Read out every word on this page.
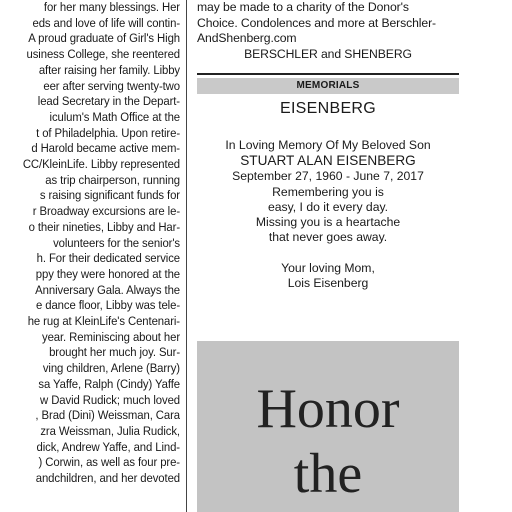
for her many blessings. Her

eds and love of life will contin-

A proud graduate of Girl's High

usiness College, she reentered

after raising her family. Libby

eer after serving twenty-two

lead Secretary in the Depart-

iculum's Math Office at the

t of Philadelphia. Upon retire-

d Harold became active mem-

CC/KleinLife. Libby represented

as trip chairperson, running

s raising significant funds for

r Broadway excursions are le-

o their nineties, Libby and Har-

volunteers for the senior's

h. For their dedicated service

ppy they were honored at the

Anniversary Gala. Always the

e dance floor, Libby was tele-

he rug at KleinLife's Centenari-

year. Reminiscing about her

brought her much joy. Sur-

ving children, Arlene (Barry)

sa Yaffe, Ralph (Cindy) Yaffe

w David Rudick; much loved

, Brad (Dini) Weissman, Cara

zra Weissman, Julia Rudick,

dick, Andrew Yaffe, and Lind-

) Corwin, as well as four pre-

andchildren, and her devoted

may be made to a charity of the Donor's

Choice. Condolences and more at Berschler-

AndShenberg.com

BERSCHLER and SHENBERG

MEMORIALS
EISENBERG

In Loving Memory Of My Beloved Son

STUART ALAN EISENBERG

September 27, 1960 - June 7, 2017

Remembering you is

easy, I do it every day.

Missing you is a heartache

that never goes away.

Your loving Mom,

Lois Eisenberg

Honor
the
